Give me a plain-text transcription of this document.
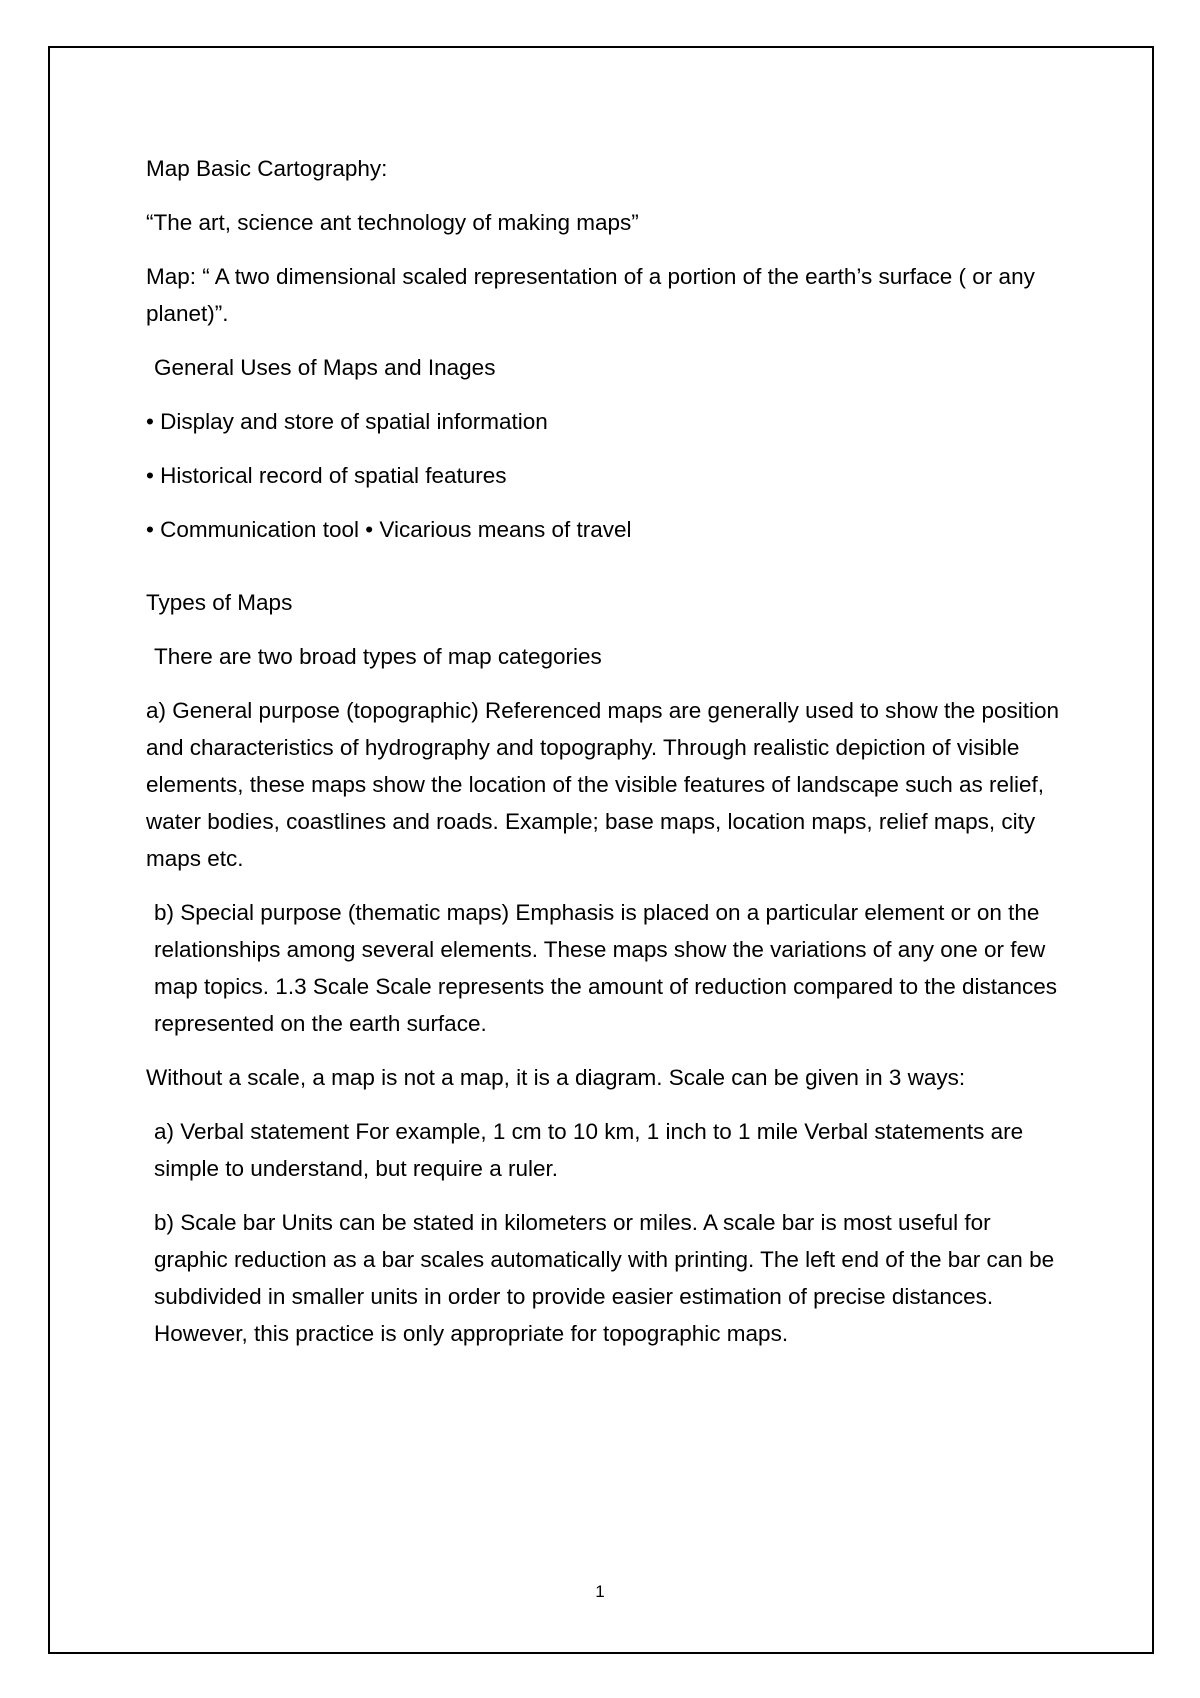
Map Basic Cartography:

“The art, science ant technology of making maps”

Map: “ A two dimensional scaled representation of a portion of the earth’s surface ( or any planet)”.

General Uses of Maps and Inages

• Display and store of spatial information

• Historical record of spatial features

• Communication tool • Vicarious means of travel

Types of Maps

There are two broad types of map categories

a) General purpose (topographic) Referenced maps are generally used to show the position and characteristics of hydrography and topography. Through realistic depiction of visible elements, these maps show the location of the visible features of landscape such as relief, water bodies, coastlines and roads. Example; base maps, location maps, relief maps, city maps etc.

b) Special purpose (thematic maps) Emphasis is placed on a particular element or on the relationships among several elements. These maps show the variations of any one or few map topics. 1.3 Scale Scale represents the amount of reduction compared to the distances represented on the earth surface.

Without a scale, a map is not a map, it is a diagram. Scale can be given in 3 ways:

a) Verbal statement For example, 1 cm to 10 km, 1 inch to 1 mile Verbal statements are simple to understand, but require a ruler.

b) Scale bar Units can be stated in kilometers or miles. A scale bar is most useful for graphic reduction as a bar scales automatically with printing. The left end of the bar can be subdivided in smaller units in order to provide easier estimation of precise distances. However, this practice is only appropriate for topographic maps.

1
